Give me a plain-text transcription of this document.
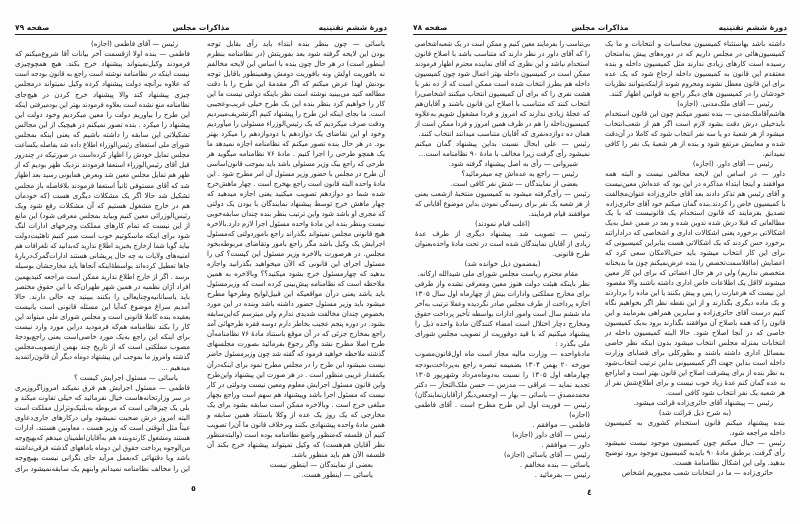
دورهٔ ششم تقنینیه
مذاکرات مجلس
صفحه ۷۹	دورهٔ ششم تقنینیه
مذاکرات مجلس
صفحه ۷۸
رئیس — آقای فاطمی (اجازه)
فاطمی — بنده اولا ازقسمت آخر بیانات آقا شروع‌میکنم که
فرمودند وکیل‌نمیتواند پیشنهاد خرج بکند. هیچ همچوچیزی
نیست اینکه در نظامنامه نوشته است راجع به قانون بودجه است
که علاوه برآنچه دولت پیشنهاد کرده وکیل نمیتواند درمجلس
چیزی پیشنهاد کند والا پیشنهاد خرج کردن در هیچ‌جای
نظامنامه منع نشده است بعلاوه فرمودند بهتر این بودمیرفتی اینکه
این طرح را بیاوریم دولت را معین میکردیم وخود دولت این
پیشنهاد را میکرد . بنده تصور نمیکنم در هیچیک از این مجالس
تشکیلاتی این سابقه را داشته باشیم که یعنی اینکه بمجلس
شورای ملی استعفای رئیس‌الوزراء اطلاع داده شد بفاصله یکساعت
مجلس تمایل خودش را اظهار کرده‌است در صورتیکه در چندروز
قبل آقای رئیس‌الوزراء استعفا فرمودند نزدیک ظهر بودیم که از
ظهر هم تمایل مجلس معین شد وبعرض همایونی رسید بعد اظهار
شد که آقای مستوفی ثانیاً استعفا فرمودند بلافاصله باز مجلس
تشکیل شد حالا اگر یک مشکلات دیگری هست (که خودمان
هم در خارج مشغول هستیم که آن مشکلات رفع شود ویک
رئیس‌الوزرائی معین کنیم وبیاید بمجلس معرفی شود) این مانع
از این نیست که تمام کارهای مملکت وچرخهای ادارات لنگ
شود برای اینکه ماسکوتیم خوب است صبر کنیم تاهئیت‌دولت
بیاید گویا شما ازخارج بخبرید اطلاع ندارید که‌بدانید که تلغرافات هم
امنیه‌های ولایات به چه حال پریشانی هستند ادارات‌گمرک‌دربارهٔ
جاها تعطیل کرده‌اند بواسطهٔ‌اینکه آنجاها باید مخارجشان بوسیله
برسد . اگر از خارج اطلاع ندارید ممکن است مراجعه کنید‌بهمین
افراد آژان نظمیه در همین شهر طهران‌که با این حقوق مختصر
باید یاسبانانیه‌وچنایعالی را بکنند ببینید چه حالی دارند. حالا
آمدیم سراغ موضوع که‌آیا این مسئله قانونی است یانیست
بعقیده بنده کاملا قانونی است و مجلس شورای ملی میتواند این
کار را بکند نظامنامه هم‌که فرمودید دراین مورد وارد نیست
برای اینکه این راجع به‌یک مورد خاصی‌است یعنی راجع‌بودجهٔ
مصوب مملکتی است که از تاریخ چند بهمن ازتصویب‌مجلس
گذشته وامروز ما بموجب این پیشنهاد دوماه دیگر آن قانون‌راتمدید
میدهیم ...
یاسائی — مسئول اجرایش کیست ؟
فاطمی — مسئول اجرایش هم فرق نمیکند امروزاگروزیری
در سر وزارتخانه‌هاست خیال نفرمائید که خیلی تفاوت میکند و
بلی یک چیزهائی است که مربوطه به‌بلتیک‌وتزلزل مملکت است
البته امروز درش صحبت نمیشود ولی درکارهای جاری‌دعاوی
عیناً مثل آنوقتی است که وزیر هست ، معاونین هستند، ادارات
هستند ومشغول کارندوبنده هم به‌آقایان‌اطمینان میدهم که‌بهیچ‌وجه
من‌الوجوه پرداخت حقوق این دوماه باماههای گذشته فرقی‌نداشته
باشد ویا دقتهائی که‌بعمل مرآید جای نگرانی نیست بهیچ‌وجه
این را مخالف نظامنامه نمیدانم وابنهم یک سابقه‌نمیشود برای
یاسائی — چون بنظر بنده ابتداء باید رأی بقابل توجه
بودن این لایحه گرفته شود بعد بفوریتش (در نظامنامه بنظرم
اینطور است) در هر حال چون بنده با اساس این لایحه مخالفم
نه بافوریت اولش ونه بافوریت دومش وهمینطور باقابل توجه
بودنش لهذا عرض میکنم که اگر مقدمهٔ این طرح را با دقت
مطالعه کنید می‌بینید نوشته است نظر باینکه دولتی نیست ما این
کار را خواهیم کرد بنظر بنده این یک طرح خیلی غریب‌وعجیبی
است. ما بجای اینکه این طرح را پیشنهاد کنیم اگرتشریف‌میبردیم
ودقت صرف میکردیم که یک رئیس‌الوزراء مسئولی را میآوردیم
وخود او این تقاضای یک دوازدهم یا دودوازدهم را میکرد بهتر
بود. در هر حال بنده تصور میکنم که نظامنامه اجازه نمیدهد ما
یک همچو طرحی را اجرا کنیم . مادهٔ ۷۶ نظامنامه میگوید هر
طرحی که راجع بیک وزیر مسئولی باشد باید بموجب قانون‌اساسی
آن طرح در مجلس با حضور وزیر مسئول آن امر مطرح شود . این
مادهٔ واحده البته قانون است راجع بهخرج است . چهار ماهش‌خرج
شده شما دو دوازدهم تصویب میکنید یعنی اجازه میدهید که
چهار ماهش خرج توسط پیشنهاد نمایندگان با بودن یک دولتی
که مجری او باشد شود واین ترتیب بنظر بنده چندان سابقه‌خوبی
نیست وبنظر بنده این مادهٔ واحده مسئول اجرا لازم دارد.بالاخره
هیچ قانونی مجلس نمیتواند بگذراند راجع بامورد‌ولتی که‌مسئول
اجرایش یک وکیل باشد مگر راجع بامور وتقاضای مربوطه‌بخود
مجلس. در هرصورت بالاخره وزیر مسئول این کیست؟ کی را
مسئول اجرای این قانونی که الآن میخواهید بگذرانید واجازه
بدهید که چهارمسئول خرج بشود میکنید؟؟ وبالاخره به همین
ملاحظه است که نظامنامه پیش‌بینی کرده است که وزیرمسئول
باید باشد یعنی درآن مواقعیکه این قبیل‌لوایح وطرحها مطرح
میشود باید وزیر مسئول حضور داشته باشد وبنده در این مورد
بخصوص چندان مخالفت شدیدی ندارم ولی میترسم که‌این‌سابقه
بشود. در دوره پنجم عجیب بخاطر دارم دوسه فقره طرحهائی آمد
راجع بمخارج جزئی که در آن موقع باستناد مادهٔ ۷۶ نظامنامه‌آن
طرح اصلا مطرح نشد واگر رجوع بفرمائید بصورت مجلسهای
گذشته ملاحظه خواهید فرمود که گفته شد چون وزیرمسئول حاضر
نیست نمیشود این طرح را در مجلس مطرح نمود برای اینکه‌درآن
یکمقدار غریبی منظور است . در هر صورت این پیشنهاد واین‌طرح
واین قانون مسئول اجرایش معلوم ومعین نیست ودولتی در کار
نیست که مسئول اجرا باشد وپیشنهاد هم سهم است وراجع بچهار
مبلغی خرج است . وبالاخره ممکن است سابقه بشود برای یک
مخارجی که یک روز یک عده از وکلا باستناد همین سابقه و
همین مادهٔ واحده پیشنهادی بکنند وبرخلاف قانون ما آن‌را تصویب
کنیم آن فلسفه که‌منظور واضع نظامنامه بوده است (والبته‌منظور
نظر آقایان هم‌هست) که وکیل نمیتواند پیشنهاد خرج بکند آن
فلسفه الآن هم باید منظور باشد.
بعضی از نمایندگان — اینطور نیست
یاسائی — اینطور هست.
بی‌تناسب را بفرمایند معین کنیم و ممکن است در یک شعبه‌اشخاصی
را که آقای داور در نظر دارند که متناسب باشد با اصلاح قانون
استخدام نباشد و این نظری که آقای نماینده محترم اظهار فرمودند
ممکن است در کمیسیون داخله بهتر اعمال شود چون کمیسیون
داخله هم بطرز انتخاب شده است ممکن است که از ده نفر یا
هشت نفری را که برای آن کمیسیون انتخاب میکنند اشخاصی‌را
انتخاب کنند که متناسب با اصلاح این قانون باشند و آقایان‌هم
که عجلهٔ زیادی ندارند که امروز و فردا مشغول شویم به‌علاوه
کمیسیون‌داخله را هم در ظرف همین امروز و فردا ممکن است از
همان ده دوازده‌نفری که آقایان متناسب میدانند انتخاب کنند.
رئیس — علی ایحال نسبت بداین پیشنهاد گمان میکنم
نمیشود رأی گرفت زیرا مخالف با مادهٔ ۹۰ نظامنامه است...
شیروانی — رأی به اصل پیشنهاد گرفته شود.
رئیس — راجع به عده‌اش چه میفرمائید؟
بعضی از نمایندگان — شش نفر کافی است.
رئیس — رأی‌گرفته میشود به کمیسیون منتخبهٔ ازشعب یعنی
از هر شعبه یک نفر برای رسیدگی نمودن بداین موضوع آقایانی که
موافقند قیام فرمایند.
(اغلب قیام نمودند)
رئیس — تصویب شد. پیشنهاد دیگری از طرف عدهٔ
زیادی از آقایان نمایندگان شده است در تحت مادهٔ واحده‌بعنوان
طرح قانونی.
(بمضمون ذیل خوانده شد)
مقام محترم ریاست مجلس شورای ملی شیدالله ارکانه.
نظر باینکه هیئت دولت هنوز معین ومعرفی نشده واز طرفی
برای مخارج مملکتی وادارات بیش از چهارماه اول سال ۱۳۰۵
اجازه پرداخت از طرف مجلس صادر نگردیده وعملا ترتیب به‌آخر
ماه ششم سال است وامور ادارات بواسطه تأخیر پرداخت حقوق
ومخارج دچار اختلال است امضاء کنندگان مادهٔ واحده ذیل را
پیشنهاد میکنیم که با قید دوفوریت از تصویب مجلس شورای
ملی بگذرد :
مادهٔ‌واحده — وزارت مالیه مجاز است ماه اول‌قانون‌مصوب
مورخه ۲۰ بهمن ۱۳۰۴ بضمیمه تبصره راجع به‌پرداخت‌بودجه
چهارماهه اول ۱۳۰۵ را نسبت به‌دوماه‌مرداد وشهریور ۱۳۰۵
تجدید نماید — عراقی — مدرس — حسن ملک‌التجار — دکتر
محمدمصدق — یاسائی — بهار — (وجمعی‌دیگر ازآقایان‌نمایندگان)
رئیس — فوریت اول این طرح مطرح است . آقای فاطمی
(اجازه)
فاطمی — موافقم .
رئیس — آقای داور (اجازه)
داور — موافقم .
رئیس — آقای یاسائی (اجازه)
یاسائی — بنده مخالفم .
رئیس — بفرمائید .
داشته باشد بهاستثناء کمیسیون محاسبات و انتخابات و ما یک
کمیسیون‌هائی در مجلس داریم که در دوره‌های پیش به‌امتحان
رسیده است کارهای زیادی ندارند مثل کمیسیون داخله و بنده
معتقدم این قانون به کمیسیون داخله ارجاع شود که یک عده
برای این قانون معطل نشوند ومحروم شوند ازاینکه‌بتوانند نظریات
خودشان را در کمیسیون های دیگر راجع به قوانین اظهار کنند.
رئیس — آقای ملک‌مدنی. (اجازه)
هاشم‌آقاملک‌مدنی — بنده تصور میکنم چون این قانون استخدام
بایدخیلی درش دقت بشود لازم است اگر هم از شعب‌انتخاب
میشود از هر شعبهٔ دو یا سه نفر انتخاب شود که کاملا در آن‌دقت
شده و معایبش مرتفع شود و بنده از هر شعبهٔ یک نفر را کافی
نمیدانم.
رئیس — آقای داور. (اجازه)
داور — در اساس این لایحه مخالفی نیست و البته همه
موافقند و اینجا ابتداء مذاکره در این بود که عده‌اش معین‌نیست
و آقای رئیس هم تذکر دادند بعد آقای حائری‌زاده عنوان‌مخالفت
با کمیسیون خاص را کردند.بنده گمان میکنم خود آقای حائری‌زاده
تصدیق بفرمایند که قانون استخدام یک قانونیست که با یک
مطالعاتی که قبلا درش شده تدوین شده و بعد در ضمن عمل به‌یک
اشکالاتی برخورد یعنی اشکالات اداری و اشخاصی که دراداراتند
برخورد حس کردند که یک اشکالاتی هست بنابراین کمیسیونی که
برای این کار انتخاب میشود باید حتی‌الامکان سعی کرد که
اعضایش (مااقلاسمت‌تخصص را بنده عرض‌نمیکنم چون ما بدبختانه
متخصص نداریم) ولی در هر حال اعضائی که برای این کار معین
میشوند لااقل یک اطلاعات خاص اداری داشته باشند والا مقصود
این نیست که هرعبارت را پس و پیش بکنند یا این ماده را برداردند
و یک ماده دیگری بگذارند و از این نقطه نظر اگر بخواهیم نگاه
کنیم درست آقای حائری‌زاده و سایرین همراهی بفرمایند و این
قانون را که همه باصلاح آن موافقند بگذارند برود به‌یک کمیسیون
خاصی که در آنجا اصلاح شود. حالا البته کمیسیون داخله در
انتخابات بمنزله مجلس انتخاب میشود بدون اینکه نظر خاصی
بمسائل اداری داشته باشند و بطورکلی برای قضایای وزارت
داخله است بداین جهت اگر کمیسیونی بداین ترتیب انتخاب‌شود
به نظر بنده از برای پیشرفت اصلاح این قانون بهتر است و اما‌راجع
به عده گمان کنم عدهٔ زیاد خوب نیست و برای اطلاع‌شش نفر از
هر شعبه یک نفر انتخاب شود کافی است.
رئیس — پیشنهاد آقای حائری‌زاده قرائت میشود.
(به شرح ذیل قرائت شد)
بنده پیشنهاد میکنم قانون استخدام کشوری به کمیسیون
داخله مراجعه شود.
رئیس — خیال میکنم چون کمیسیون موجود نیست نمیشود
رأی گرفت. برطبق مادهٔ ۹۰ بایدبه کمیسیون موجود برود توضیح
بدهید. ولی این اشکال نظامنامهٔ هست.
حائری‌زاده — ما در انتخابات شعب مجبوریم اشخاص
٥	٤
